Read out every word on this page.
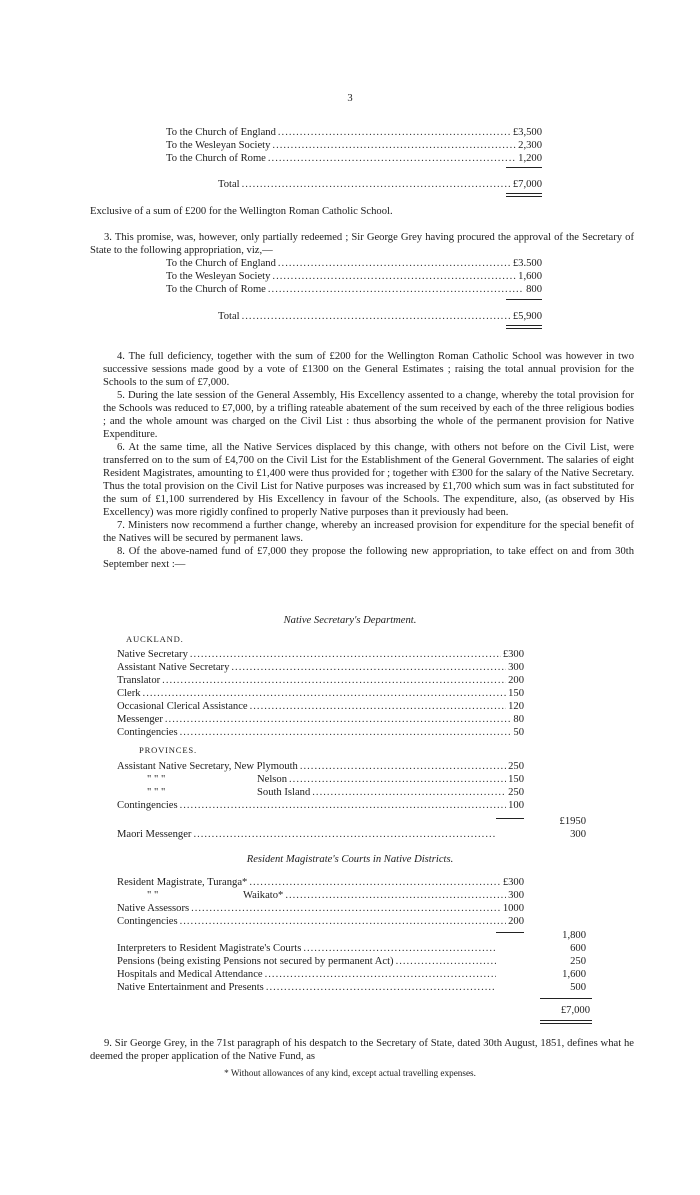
3
To the Church of England .....	£3,500
To the Wesleyan Society .....	2,300
To the Church of Rome .....	1,200
Total .....	£7,000
Exclusive of a sum of £200 for the Wellington Roman Catholic School.

3. This promise, was, however, only partially redeemed ; Sir George Grey having procured the approval of the Secretary of State to the following appropriation, viz,—

To the Church of England .....	£3.500
To the Wesleyan Society .....	1,600
To the Church of Rome .....	800
Total .....	£5,900

4. The full deficiency, together with the sum of £200 for the Wellington Roman Catholic School was however in two successive sessions made good by a vote of £1300 on the General Estimates ; raising the total annual provision for the Schools to the sum of £7,000.

5. During the late session of the General Assembly, His Excellency assented to a change, whereby the total provision for the Schools was reduced to £7,000, by a trifling rateable abatement of the sum received by each of the three religious bodies ; and the whole amount was charged on the Civil List : thus absorbing the whole of the permanent provision for Native Expenditure.

6. At the same time, all the Native Services displaced by this change, with others not before on the Civil List, were transferred on to the sum of £4,700 on the Civil List for the Establishment of the General Government. The salaries of eight Resident Magistrates, amounting to £1,400 were thus provided for ; together with £300 for the salary of the Native Secretary. Thus the total provision on the Civil List for Native purposes was increased by £1,700 which sum was in fact substituted for the sum of £1,100 surrendered by His Excellency in favour of the Schools. The expenditure, also, (as observed by His Excellency) was more rigidly confined to properly Native purposes than it previously had been.

7. Ministers now recommend a further change, whereby an increased provision for expenditure for the special benefit of the Natives will be secured by permanent laws.

8. Of the above-named fund of £7,000 they propose the following new appropriation, to take effect on and from 30th September next :—

Native Secretary's Department.
AUCKLAND.
Native Secretary .....	£300
Assistant Native Secretary .....	300
Translator .....	200
Clerk .....	150
Occasional Clerical Assistance .....	120
Messenger .....	80
Contingencies .....	50
PROVINCES.
Assistant Native Secretary, New Plymouth .....	250
" " "	Nelson .....	150
" " "	South Island .....	250
Contingencies .....	100
£1950
Maori Messenger .....	300
Resident Magistrate's Courts in Native Districts.
Resident Magistrate, Turanga* .....	£300
" "	Waikato* .....	300
Native Assessors .....	1000
Contingencies .....	200
1,800
Interpreters to Resident Magistrate's Courts .....	600
Pensions (being existing Pensions not secured by permanent Act) .....	250
Hospitals and Medical Attendance .....	1,600
Native Entertainment and Presents .....	500
£7,000

9. Sir George Grey, in the 71st paragraph of his despatch to the Secretary of State, dated 30th August, 1851, defines what he deemed the proper application of the Native Fund, as

* Without allowances of any kind, except actual travelling expenses.
